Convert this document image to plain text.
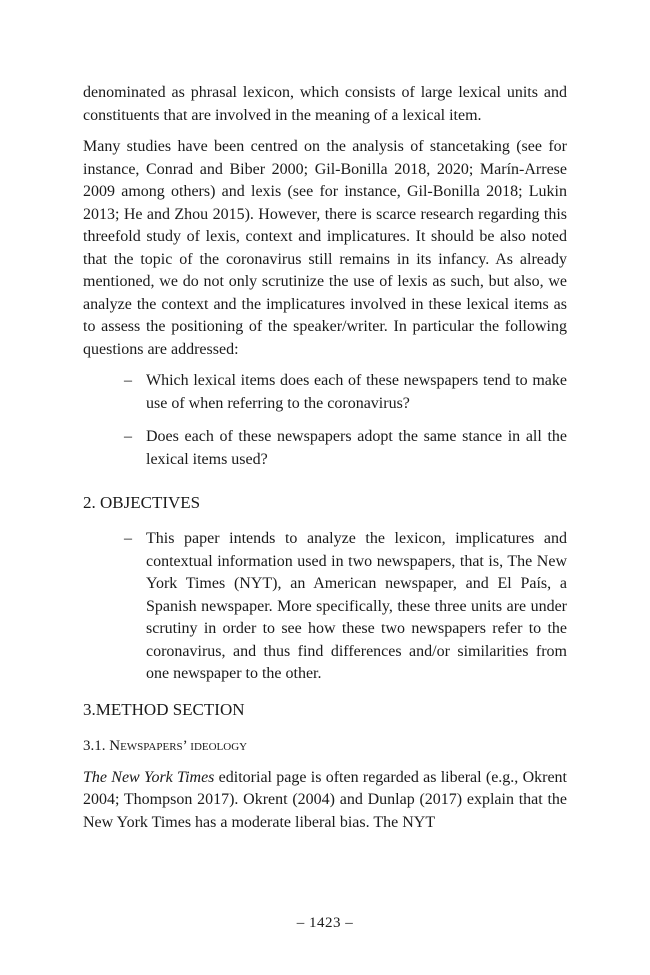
denominated as phrasal lexicon, which consists of large lexical units and constituents that are involved in the meaning of a lexical item.

Many studies have been centred on the analysis of stancetaking (see for instance, Conrad and Biber 2000; Gil-Bonilla 2018, 2020; Marín-Arrese 2009 among others) and lexis (see for instance, Gil-Bonilla 2018; Lukin 2013; He and Zhou 2015). However, there is scarce research regarding this threefold study of lexis, context and implicatures. It should be also noted that the topic of the coronavirus still remains in its infancy. As already mentioned, we do not only scrutinize the use of lexis as such, but also, we analyze the context and the implicatures involved in these lexical items as to assess the positioning of the speaker/writer. In particular the following questions are addressed:

– Which lexical items does each of these newspapers tend to make use of when referring to the coronavirus?
– Does each of these newspapers adopt the same stance in all the lexical items used?
2. OBJECTIVES
– This paper intends to analyze the lexicon, implicatures and contextual information used in two newspapers, that is, The New York Times (NYT), an American newspaper, and El País, a Spanish newspaper. More specifically, these three units are under scrutiny in order to see how these two newspapers refer to the coronavirus, and thus find differences and/or similarities from one newspaper to the other.
3.METHOD SECTION
3.1. Newspapers’ ideology

The New York Times editorial page is often regarded as liberal (e.g., Okrent 2004; Thompson 2017). Okrent (2004) and Dunlap (2017) explain that the New York Times has a moderate liberal bias. The NYT

– 1423 –
